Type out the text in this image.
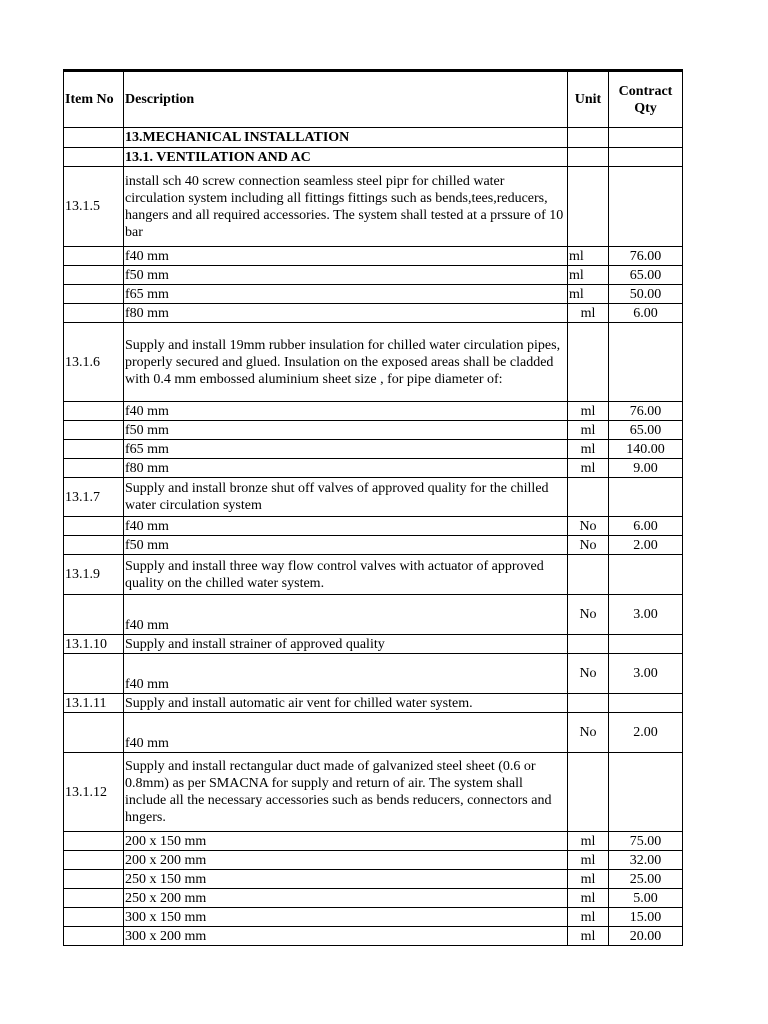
Item No	Description	Unit	Contract
Qty
	13.MECHANICAL INSTALLATION		
	13.1. VENTILATION AND AC		
13.1.5	install sch 40 screw connection seamless steel pipr for chilled water circulation system including all fittings fittings such as bends,tees,reducers, hangers and all required accessories. The system shall tested at a prssure of 10 bar		
	f40 mm	ml	76.00
	f50 mm	ml	65.00
	f65 mm	ml	50.00
	f80 mm	ml	6.00
13.1.6	Supply and install 19mm rubber insulation for chilled water circulation pipes, properly secured and glued. Insulation on the exposed areas shall be cladded with 0.4 mm embossed aluminium sheet size , for pipe diameter of:		
	f40 mm	ml	76.00
	f50 mm	ml	65.00
	f65 mm	ml	140.00
	f80 mm	ml	9.00
13.1.7	Supply and install bronze shut off valves of approved quality for the chilled water circulation system		
	f40 mm	No	6.00
	f50 mm	No	2.00
13.1.9	Supply and install three way flow control valves with actuator of approved quality on the chilled water system.		
	f40 mm	No	3.00
13.1.10	Supply and install strainer of approved quality		
	f40 mm	No	3.00
13.1.11	Supply and install automatic air vent for chilled water system.		
	f40 mm	No	2.00
13.1.12	Supply and install rectangular duct made of galvanized steel sheet (0.6 or 0.8mm) as per SMACNA for supply and return of air. The system shall include all the necessary accessories such as bends reducers, connectors and hngers.		
	200 x 150 mm	ml	75.00
	200 x 200 mm	ml	32.00
	250 x 150 mm	ml	25.00
	250 x 200 mm	ml	5.00
	300 x 150 mm	ml	15.00
	300 x 200 mm	ml	20.00
